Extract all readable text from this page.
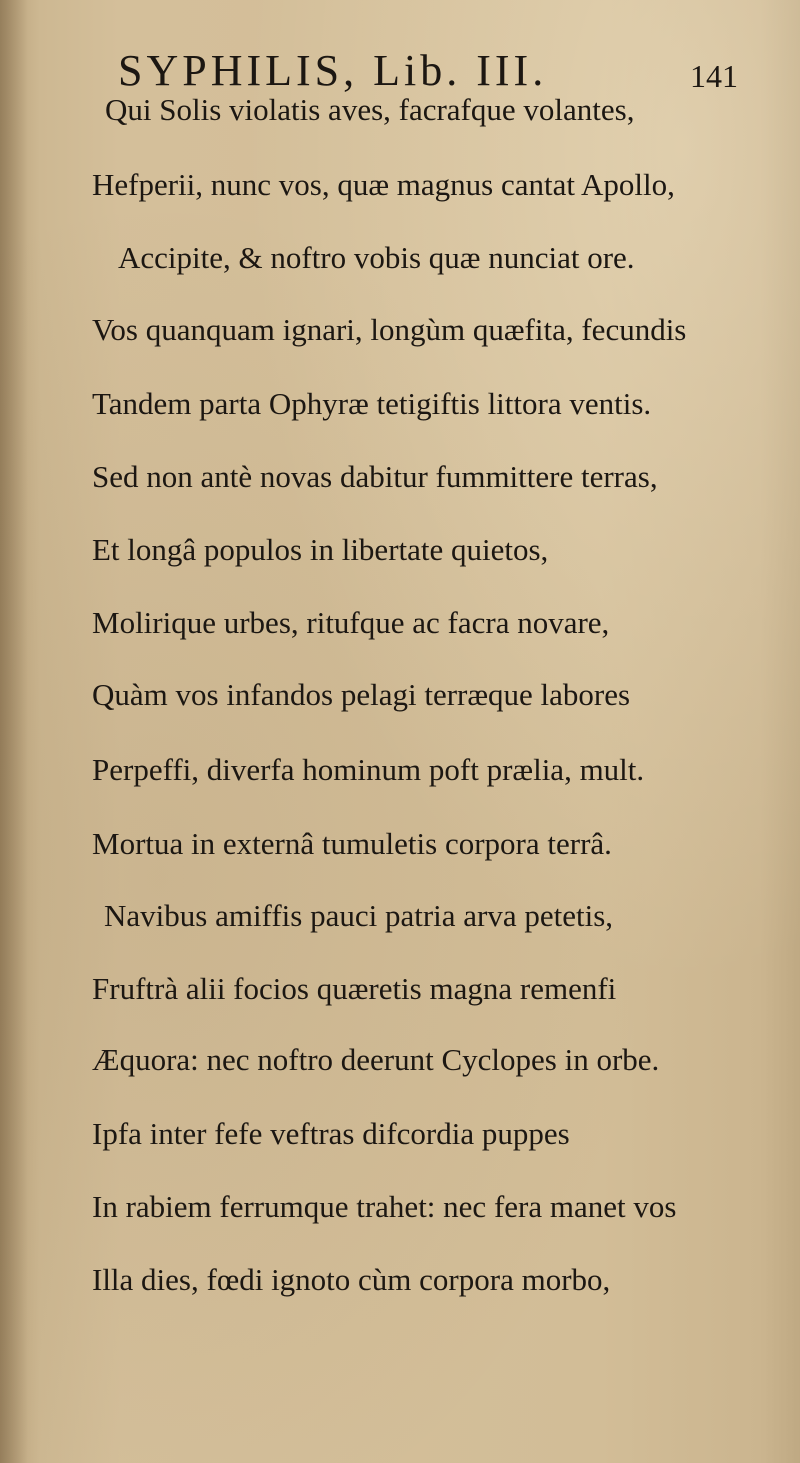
SYPHILIS, Lib. III.	141
Qui Solis violatis aves, facrafque volantes,
Hefperii, nunc vos, quæ magnus cantat Apollo,
Accipite, & noftro vobis quæ nunciat ore.
Vos quanquam ignari, longùm quæfita, fecundis
Tandem parta Ophyræ tetigiftis littora ventis.
Sed non antè novas dabitur fummittere terras,
Et longâ populos in libertate quietos,
Molirique urbes, ritufque ac facra novare,
Quàm vos infandos pelagi terræque labores
Perpeffi, diverfa hominum poft prælia, mult.
Mortua in externâ tumuletis corpora terrâ.
Navibus amiffis pauci patria arva petetis,
Fruftrà alii focios quæretis magna remenfi
Æquora: nec noftro deerunt Cyclopes in orbe.
Ipfa inter fefe veftras difcordia puppes
In rabiem ferrumque trahet: nec fera manet vos
Illa dies, fœdi ignoto cùm corpora morbo,
